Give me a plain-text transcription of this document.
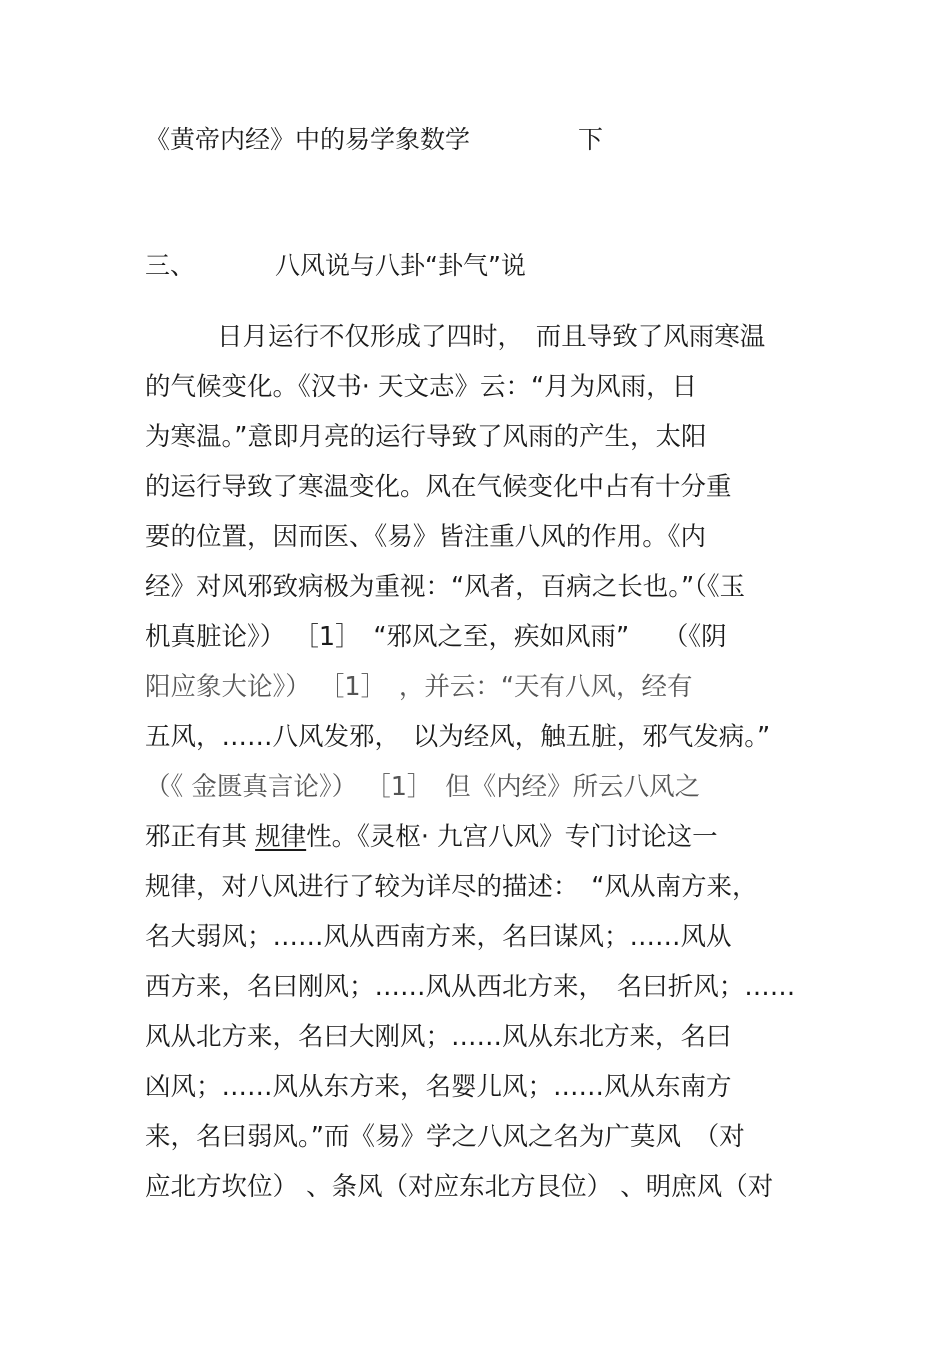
《黄帝内经》中的易学象数学	下
三、	八风说与八卦“卦气”说
日月运行不仅形成了四时，　而且导致了风雨寒温
的气候变化。《汉书· 天文志》云：“月为风雨，日
为寒温。”意即月亮的运行导致了风雨的产生，太阳
的运行导致了寒温变化。风在气候变化中占有十分重
要的位置，因而医、《易》皆注重八风的作用。《内
经》对风邪致病极为重视：“风者，百病之长也。”（《玉
机真脏论》） ［1］　“邪风之至，疾如风雨”　 （《阴
阳应象大论》） ［1］　，并云：“天有八风，经有
五风，……八风发邪，　以为经风，触五脏，邪气发病。”
（《 金匮真言论》） ［1］　但《内经》所云八风之
邪正有其 规律性。《灵枢· 九宫八风》专门讨论这一
规律，对八风进行了较为详尽的描述：　“风从南方来，
名大弱风；……风从西南方来，名曰谋风；……风从
西方来，名曰刚风；……风从西北方来，　名曰折风；……
风从北方来，名曰大刚风；……风从东北方来，名曰
凶风；……风从东方来，名婴儿风；……风从东南方
来，名曰弱风。”而《易》学之八风之名为广莫风　（对
应北方坎位） 、条风（对应东北方艮位） 、明庶风（对
